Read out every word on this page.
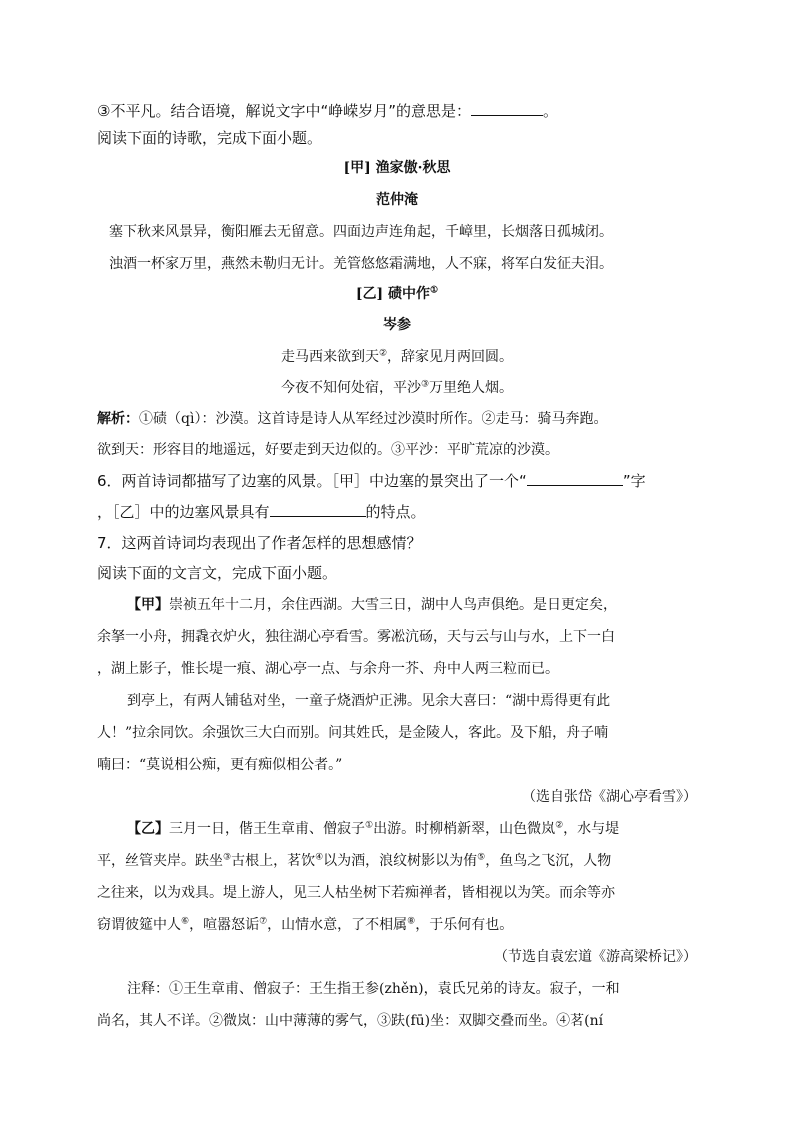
③不平凡。结合语境，解说文字中“峥嵘岁月”的意思是：	。
阅读下面的诗歌，完成下面小题。
[甲] 渔家傲·秋思
范仲淹
塞下秋来风景异，衡阳雁去无留意。四面边声连角起，千嶂里，长烟落日孤城闭。
浊酒一杯家万里，燕然未勒归无计。羌管悠悠霜满地，人不寐，将军白发征夫泪。
[乙] 碛中作①
岑参
走马西来欲到天②，辞家见月两回圆。
今夜不知何处宿，平沙③万里绝人烟。
解析：①碛（qì）：沙漠。这首诗是诗人从军经过沙漠时所作。②走马：骑马奔跑。
欲到天：形容目的地遥远，好要走到天边似的。③平沙：平旷荒凉的沙漠。
6．两首诗词都描写了边塞的风景。［甲］中边塞的景突出了一个“	”字
，［乙］中的边塞风景具有	的特点。
7．这两首诗词均表现出了作者怎样的思想感情？
阅读下面的文言文，完成下面小题。
【甲】崇祯五年十二月，余住西湖。大雪三日，湖中人鸟声俱绝。是日更定矣，
余拏一小舟，拥毳衣炉火，独往湖心亭看雪。雾凇沆砀，天与云与山与水，上下一白
，湖上影子，惟长堤一痕、湖心亭一点、与余舟一芥、舟中人两三粒而已。
到亭上，有两人铺毡对坐，一童子烧酒炉正沸。见余大喜曰：“湖中焉得更有此
人！”拉余同饮。余强饮三大白而别。问其姓氏，是金陵人，客此。及下船，舟子喃
喃曰：“莫说相公痴，更有痴似相公者。”
（选自张岱《湖心亭看雪》）
【乙】三月一日，偕王生章甫、僧寂子①出游。时柳梢新翠，山色微岚②，水与堤
平，丝管夹岸。趺坐③古根上，茗饮④以为酒，浪纹树影以为侑⑤，鱼鸟之飞沉，人物
之往来，以为戏具。堤上游人，见三人枯坐树下若痴禅者，皆相视以为笑。而余等亦
窃谓彼筵中人⑥，喧嚣怒诟⑦，山情水意，了不相属⑧，于乐何有也。
（节选自袁宏道《游高梁桥记》）
注释：①王生章甫、僧寂子：王生指王参(zhěn)，袁氏兄弟的诗友。寂子，一和
尚名，其人不详。②微岚：山中薄薄的雾气，③趺(fū)坐：双脚交叠而坐。④茗(ní
